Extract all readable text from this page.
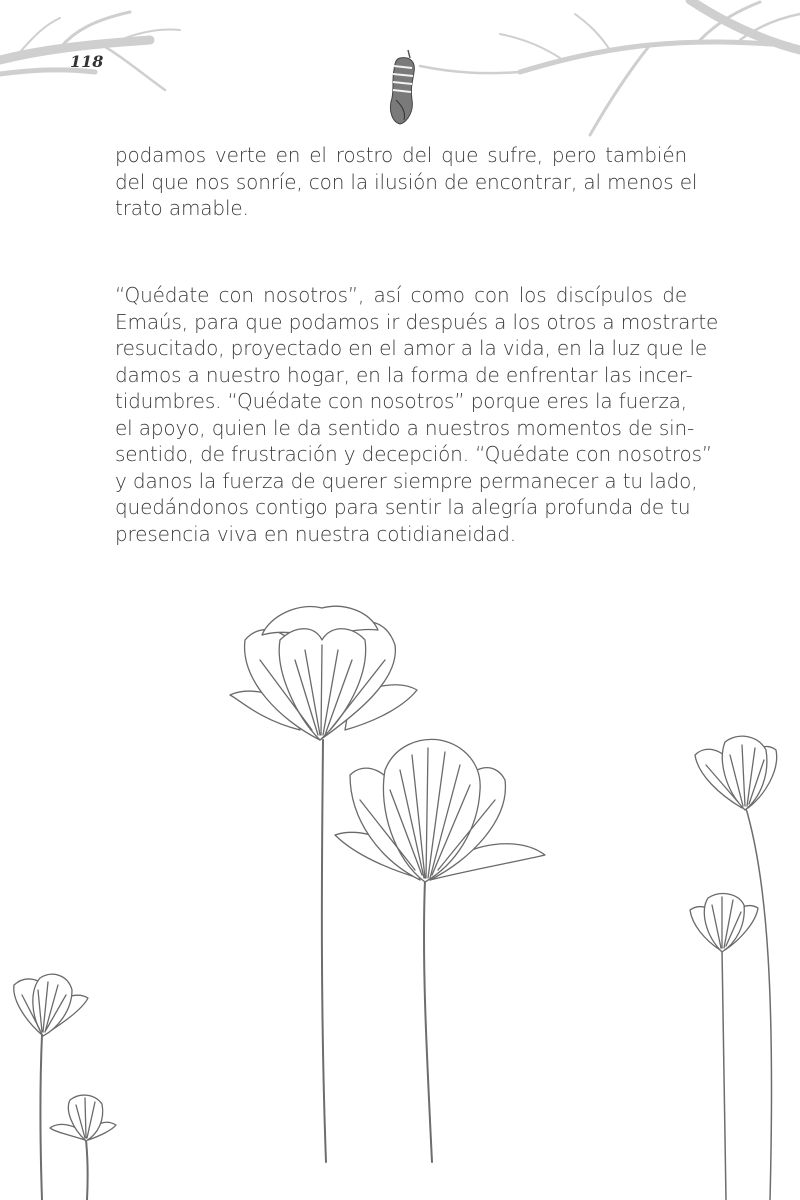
118
podamos verte en el rostro del que sufre, pero también
del que nos sonríe, con la ilusión de encontrar, al menos el
trato amable.
“Quédate con nosotros”, así como con los discípulos de
Emaús, para que podamos ir después a los otros a mostrarte
resucitado, proyectado en el amor a la vida, en la luz que le
damos a nuestro hogar, en la forma de enfrentar las incer-
tidumbres. “Quédate con nosotros” porque eres la fuerza,
el apoyo, quien le da sentido a nuestros momentos de sin-
sentido, de frustración y decepción. “Quédate con nosotros”
y danos la fuerza de querer siempre permanecer a tu lado,
quedándonos contigo para sentir la alegría profunda de tu
presencia viva en nuestra cotidianeidad.
